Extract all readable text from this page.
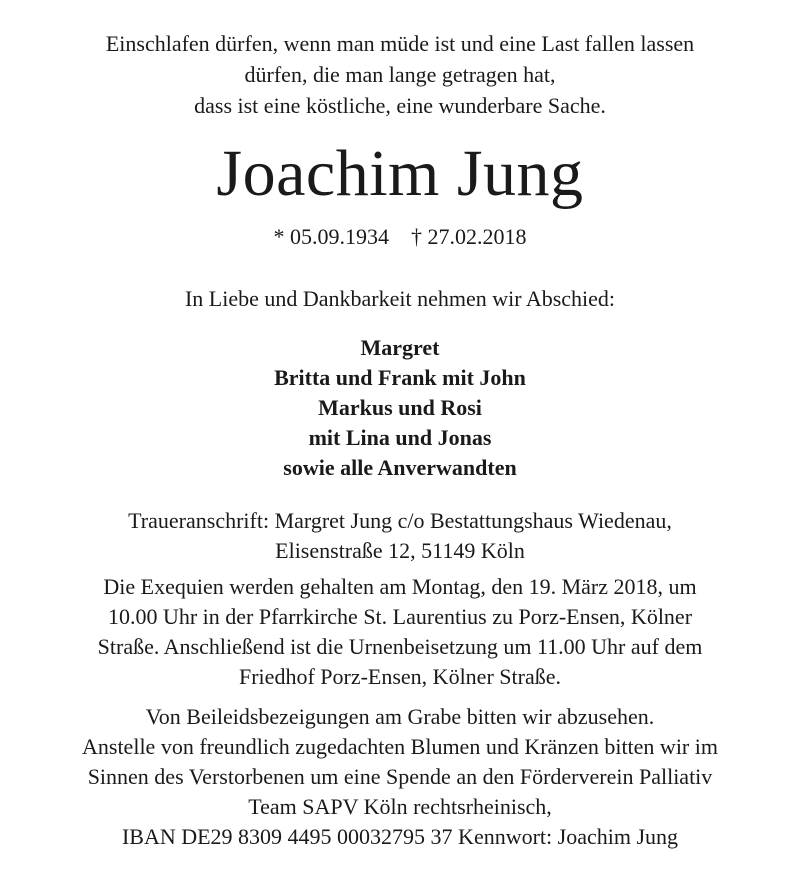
Einschlafen dürfen, wenn man müde ist und eine Last fallen lassen
dürfen, die man lange getragen hat,
dass ist eine köstliche, eine wunderbare Sache.
Joachim Jung
* 05.09.1934 † 27.02.2018
In Liebe und Dankbarkeit nehmen wir Abschied:
Margret
Britta und Frank mit John
Markus und Rosi
mit Lina und Jonas
sowie alle Anverwandten
Traueranschrift: Margret Jung c/o Bestattungshaus Wiedenau,
Elisenstraße 12, 51149 Köln
Die Exequien werden gehalten am Montag, den 19. März 2018, um
10.00 Uhr in der Pfarrkirche St. Laurentius zu Porz-Ensen, Kölner
Straße. Anschließend ist die Urnenbeisetzung um 11.00 Uhr auf dem
Friedhof Porz-Ensen, Kölner Straße.
Von Beileidsbezeigungen am Grabe bitten wir abzusehen.
Anstelle von freundlich zugedachten Blumen und Kränzen bitten wir im
Sinnen des Verstorbenen um eine Spende an den Förderverein Palliativ
Team SAPV Köln rechtsrheinisch,
IBAN DE29 8309 4495 00032795 37 Kennwort: Joachim Jung
